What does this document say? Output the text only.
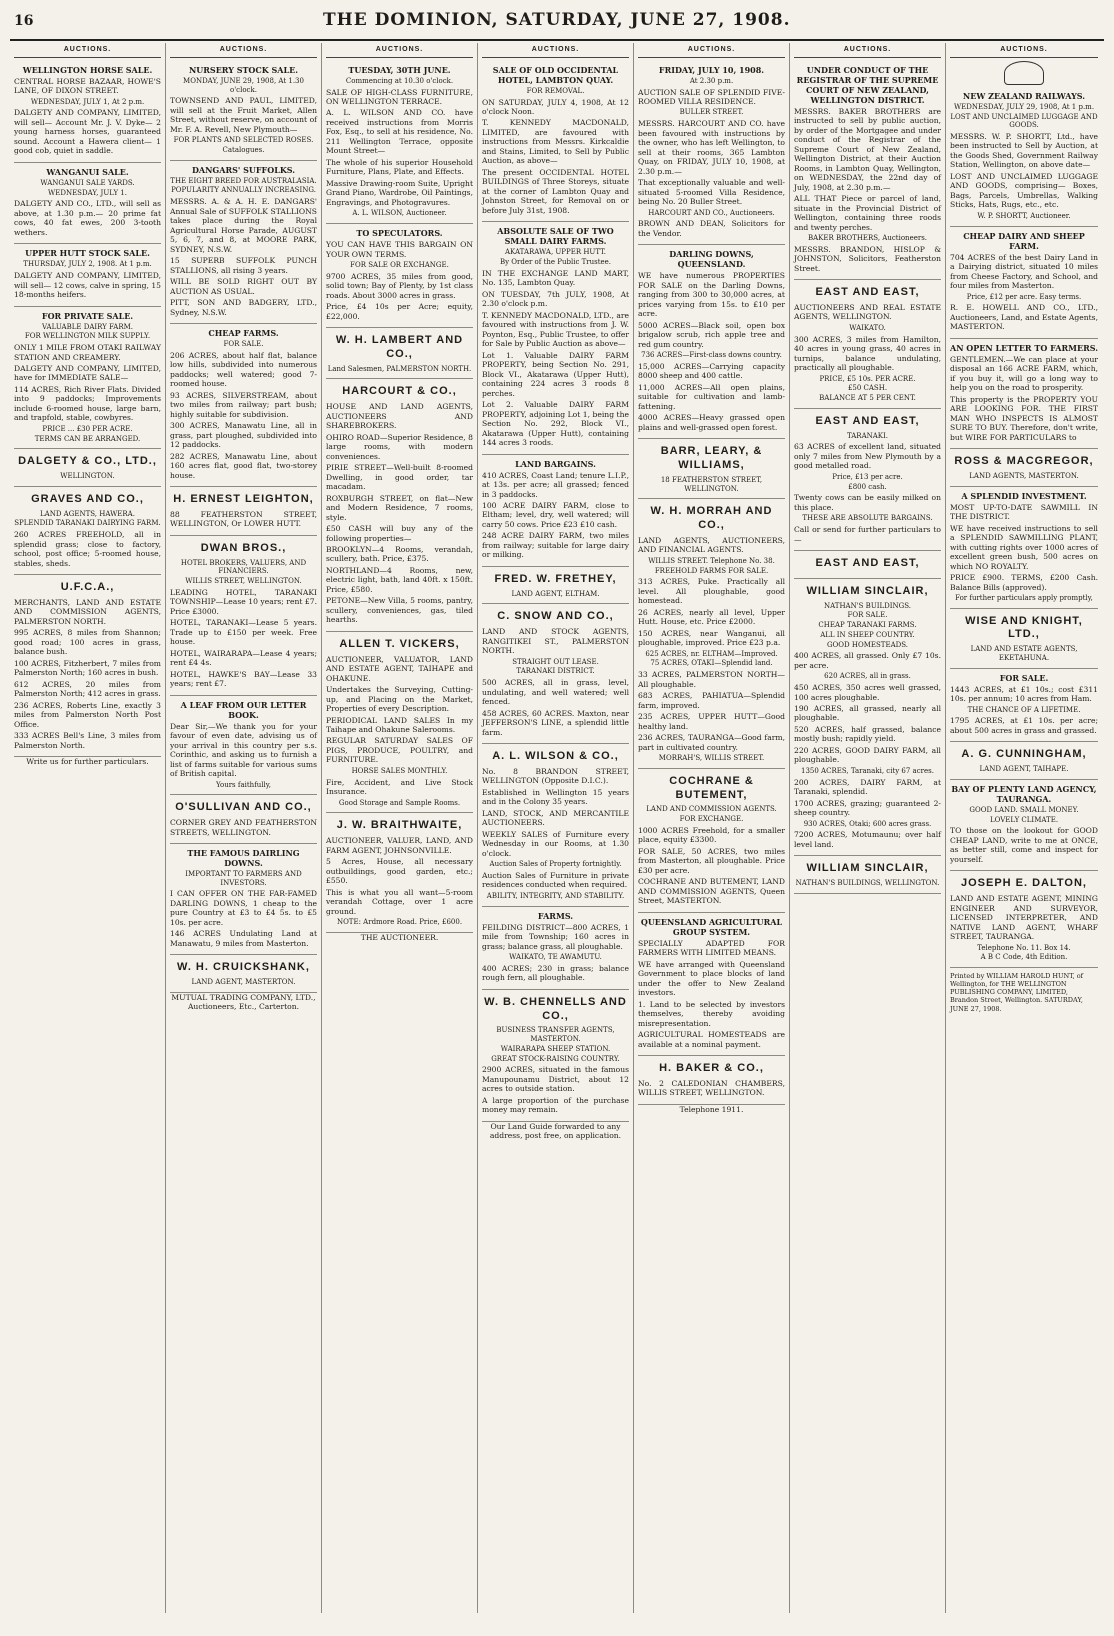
16	THE DOMINION, SATURDAY, JUNE 27, 1908.
AUCTIONS.
WELLINGTON HORSE SALE.
CENTRAL HORSE BAZAAR, HOWE'S LANE, OF DIXON STREET.
WEDNESDAY, JULY 1, At 2 p.m.
DALGETY AND COMPANY, LIMITED, will sell— Account Mr. J. V. Dyke— 2 young harness horses, guaranteed sound. Account a Hawera client— 1 good cob, quiet in saddle.
WANGANUI SALE.
WANGANUI SALE YARDS.
WEDNESDAY, JULY 1.
DALGETY AND CO., LTD., will sell as above, at 1.30 p.m.— 20 prime fat cows, 40 fat ewes, 200 3-tooth wethers.
UPPER HUTT STOCK SALE.
THURSDAY, JULY 2, 1908. At 1 p.m.
DALGETY AND COMPANY, LIMITED, will sell— 12 cows, calve in spring, 15 18-months heifers.
FOR PRIVATE SALE.
VALUABLE DAIRY FARM.
FOR WELLINGTON MILK SUPPLY.
ONLY 1 MILE FROM OTAKI RAILWAY STATION AND CREAMERY.
DALGETY AND COMPANY, LIMITED, have for IMMEDIATE SALE—
114 ACRES, Rich River Flats. Divided into 9 paddocks; Improvements include 6-roomed house, large barn, and trapfold, stable, cowbyres.
PRICE ... £30 PER ACRE.
TERMS CAN BE ARRANGED.
DALGETY & CO., LTD.,
WELLINGTON.
GRAVES AND CO.,
LAND AGENTS, HAWERA.
SPLENDID TARANAKI DAIRYING FARM.
260 ACRES FREEHOLD, all in splendid grass; close to factory, school, post office; 5-roomed house, stables, sheds.
U.F.C.A.,
MERCHANTS, LAND AND ESTATE AND COMMISSION AGENTS, PALMERSTON NORTH.
995 ACRES, 8 miles from Shannon; good road; 100 acres in grass, balance bush.
100 ACRES, Fitzherbert, 7 miles from Palmerston North; 160 acres in bush.
612 ACRES, 20 miles from Palmerston North; 412 acres in grass.
236 ACRES, Roberts Line, exactly 3 miles from Palmerston North Post Office.
333 ACRES Bell's Line, 3 miles from Palmerston North.
Write us for further particulars.
AUCTIONS.
NURSERY STOCK SALE.
MONDAY, JUNE 29, 1908, At 1.30 o'clock.
TOWNSEND AND PAUL, LIMITED, will sell at the Fruit Market, Allen Street, without reserve, on account of Mr. F. A. Revell, New Plymouth—
FOR PLANTS AND SELECTED ROSES.
Catalogues.
DANGARS' SUFFOLKS.
THE EIGHT BREED FOR AUSTRALASIA.
POPULARITY ANNUALLY INCREASING.
MESSRS. A. & A. H. E. DANGARS' Annual Sale of SUFFOLK STALLIONS takes place during the Royal Agricultural Horse Parade, AUGUST 5, 6, 7, and 8, at MOORE PARK, SYDNEY, N.S.W.
15 SUPERB SUFFOLK PUNCH STALLIONS, all rising 3 years.
WILL BE SOLD RIGHT OUT BY AUCTION AS USUAL.
PITT, SON AND BADGERY, LTD., Sydney, N.S.W.
CHEAP FARMS.
FOR SALE.
206 ACRES, about half flat, balance low hills, subdivided into numerous paddocks; well watered; good 7-roomed house.
93 ACRES, SILVERSTREAM, about two miles from railway; part bush; highly suitable for subdivision.
300 ACRES, Manawatu Line, all in grass, part ploughed, subdivided into 12 paddocks.
282 ACRES, Manawatu Line, about 160 acres flat, good flat, two-storey house.
H. ERNEST LEIGHTON,
88 FEATHERSTON STREET, WELLINGTON, Or LOWER HUTT.
DWAN BROS.,
HOTEL BROKERS, VALUERS, AND FINANCIERS.
WILLIS STREET, WELLINGTON.
LEADING HOTEL, TARANAKI TOWNSHIP—Lease 10 years; rent £7. Price £3000.
HOTEL, TARANAKI—Lease 5 years. Trade up to £150 per week. Free house.
HOTEL, WAIRARAPA—Lease 4 years; rent £4 4s.
HOTEL, HAWKE'S BAY—Lease 33 years; rent £7.
A LEAF FROM OUR LETTER BOOK.
Dear Sir,—We thank you for your favour of even date, advising us of your arrival in this country per s.s. Corinthic, and asking us to furnish a list of farms suitable for various sums of British capital.
Yours faithfully,
O'SULLIVAN AND CO.,
CORNER GREY AND FEATHERSTON STREETS, WELLINGTON.
THE FAMOUS DAIRLING DOWNS.
IMPORTANT TO FARMERS AND INVESTORS.
I CAN OFFER ON THE FAR-FAMED DARLING DOWNS, 1 cheap to the pure Country at £3 to £4 5s. to £5 10s. per acre.
146 ACRES Undulating Land at Manawatu, 9 miles from Masterton.
W. H. CRUICKSHANK,
LAND AGENT, MASTERTON.
MUTUAL TRADING COMPANY, LTD., Auctioneers, Etc., Carterton.
AUCTIONS.
TUESDAY, 30TH JUNE.
Commencing at 10.30 o'clock.
SALE OF HIGH-CLASS FURNITURE, ON WELLINGTON TERRACE.
A. L. WILSON AND CO. have received instructions from Morris Fox, Esq., to sell at his residence, No. 211 Wellington Terrace, opposite Mount Street—
The whole of his superior Household Furniture, Plans, Plate, and Effects.
Massive Drawing-room Suite, Upright Grand Piano, Wardrobe, Oil Paintings, Engravings, and Photogravures.
A. L. WILSON, Auctioneer.
TO SPECULATORS.
YOU CAN HAVE THIS BARGAIN ON YOUR OWN TERMS.
FOR SALE OR EXCHANGE.
9700 ACRES, 35 miles from good, solid town; Bay of Plenty, by 1st class roads. About 3000 acres in grass.
Price, £4 10s per Acre; equity, £22,000.
W. H. LAMBERT AND CO.,
Land Salesmen, PALMERSTON NORTH.
HARCOURT & CO.,
HOUSE AND LAND AGENTS, AUCTIONEERS AND SHAREBROKERS.
OHIRO ROAD—Superior Residence, 8 large rooms, with modern conveniences.
PIRIE STREET—Well-built 8-roomed Dwelling, in good order, tar macadam.
ROXBURGH STREET, on flat—New and Modern Residence, 7 rooms, style.
£50 CASH will buy any of the following properties—
BROOKLYN—4 Rooms, verandah, scullery, bath. Price, £375.
NORTHLAND—4 Rooms, new, electric light, bath, land 40ft. x 150ft. Price, £580.
PETONE—New Villa, 5 rooms, pantry, scullery, conveniences, gas, tiled hearths.
ALLEN T. VICKERS,
AUCTIONEER, VALUATOR, LAND AND ESTATE AGENT, TAIHAPE and OHAKUNE.
Undertakes the Surveying, Cutting-up, and Placing on the Market, Properties of every Description.
PERIODICAL LAND SALES In my Taihape and Ohakune Salerooms.
REGULAR SATURDAY SALES OF PIGS, PRODUCE, POULTRY, and FURNITURE.
HORSE SALES MONTHLY.
Fire, Accident, and Live Stock Insurance.
Good Storage and Sample Rooms.
J. W. BRAITHWAITE,
AUCTIONEER, VALUER, LAND, AND FARM AGENT, JOHNSONVILLE.
5 Acres, House, all necessary outbuildings, good garden, etc.; £550.
This is what you all want—5-room verandah Cottage, over 1 acre ground.
NOTE: Ardmore Road. Price, £600.
THE AUCTIONEER.
AUCTIONS.
SALE OF OLD OCCIDENTAL HOTEL, LAMBTON QUAY.
FOR REMOVAL.
ON SATURDAY, JULY 4, 1908, At 12 o'clock Noon.
T. KENNEDY MACDONALD, LIMITED, are favoured with instructions from Messrs. Kirkcaldie and Stains, Limited, to Sell by Public Auction, as above—
The present OCCIDENTAL HOTEL BUILDINGS of Three Storeys, situate at the corner of Lambton Quay and Johnston Street, for Removal on or before July 31st, 1908.
ABSOLUTE SALE OF TWO SMALL DAIRY FARMS.
AKATARAWA, UPPER HUTT.
By Order of the Public Trustee.
IN THE EXCHANGE LAND MART, No. 135, Lambton Quay.
ON TUESDAY, 7th JULY, 1908, At 2.30 o'clock p.m.
T. KENNEDY MACDONALD, LTD., are favoured with instructions from J. W. Poynton, Esq., Public Trustee, to offer for Sale by Public Auction as above—
Lot 1. Valuable DAIRY FARM PROPERTY, being Section No. 291, Block VI., Akatarawa (Upper Hutt), containing 224 acres 3 roods 8 perches.
Lot 2. Valuable DAIRY FARM PROPERTY, adjoining Lot 1, being the Section No. 292, Block VI., Akatarawa (Upper Hutt), containing 144 acres 3 roods.
LAND BARGAINS.
410 ACRES, Coast Land; tenure L.I.P., at 13s. per acre; all grassed; fenced in 3 paddocks.
100 ACRE DAIRY FARM, close to Eltham; level, dry, well watered; will carry 50 cows. Price £23 £10 cash.
248 ACRE DAIRY FARM, two miles from railway; suitable for large dairy or milking.
FRED. W. FRETHEY,
LAND AGENT, ELTHAM.
C. SNOW AND CO.,
LAND AND STOCK AGENTS, RANGITIKEI ST., PALMERSTON NORTH.
STRAIGHT OUT LEASE.
TARANAKI DISTRICT.
500 ACRES, all in grass, level, undulating, and well watered; well fenced.
458 ACRES, 60 ACRES. Maxton, near JEFFERSON'S LINE, a splendid little farm.
A. L. WILSON & CO.,
No. 8 BRANDON STREET, WELLINGTON (Opposite D.I.C.).
Established in Wellington 15 years and in the Colony 35 years.
LAND, STOCK, AND MERCANTILE AUCTIONEERS.
WEEKLY SALES of Furniture every Wednesday in our Rooms, at 1.30 o'clock.
Auction Sales of Property fortnightly.
Auction Sales of Furniture in private residences conducted when required.
ABILITY, INTEGRITY, AND STABILITY.
FARMS.
FEILDING DISTRICT—800 ACRES, 1 mile from Township; 160 acres in grass; balance grass, all ploughable.
WAIKATO, TE AWAMUTU.
400 ACRES; 230 in grass; balance rough fern, all ploughable.
W. B. CHENNELLS AND CO.,
BUSINESS TRANSFER AGENTS, MASTERTON.
WAIRARAPA SHEEP STATION.
GREAT STOCK-RAISING COUNTRY.
2900 ACRES, situated in the famous Manupounamu District, about 12 acres to outside station.
A large proportion of the purchase money may remain.
Our Land Guide forwarded to any address, post free, on application.
AUCTIONS.
FRIDAY, JULY 10, 1908.
At 2.30 p.m.
AUCTION SALE OF SPLENDID FIVE-ROOMED VILLA RESIDENCE.
BULLER STREET.
MESSRS. HARCOURT AND CO. have been favoured with instructions by the owner, who has left Wellington, to sell at their rooms, 365 Lambton Quay, on FRIDAY, JULY 10, 1908, at 2.30 p.m.—
That exceptionally valuable and well-situated 5-roomed Villa Residence, being No. 20 Buller Street.
HARCOURT AND CO., Auctioneers.
BROWN AND DEAN, Solicitors for the Vendor.
DARLING DOWNS, QUEENSLAND.
WE have numerous PROPERTIES FOR SALE on the Darling Downs, ranging from 300 to 30,000 acres, at prices varying from 15s. to £10 per acre.
5000 ACRES—Black soil, open box brigalow scrub, rich apple tree and red gum country.
736 ACRES—First-class downs country.
15,000 ACRES—Carrying capacity 8000 sheep and 400 cattle.
11,000 ACRES—All open plains, suitable for cultivation and lamb-fattening.
4000 ACRES—Heavy grassed open plains and well-grassed open forest.
BARR, LEARY, & WILLIAMS,
18 FEATHERSTON STREET, WELLINGTON.
W. H. MORRAH AND CO.,
LAND AGENTS, AUCTIONEERS, AND FINANCIAL AGENTS.
WILLIS STREET. Telephone No. 38.
FREEHOLD FARMS FOR SALE.
313 ACRES, Puke. Practically all level. All ploughable, good homestead.
26 ACRES, nearly all level, Upper Hutt. House, etc. Price £2000.
150 ACRES, near Wanganui, all ploughable, improved. Price £23 p.a.
625 ACRES, nr. ELTHAM—Improved.
75 ACRES, OTAKI—Splendid land.
33 ACRES, PALMERSTON NORTH—All ploughable.
683 ACRES, PAHIATUA—Splendid farm, improved.
235 ACRES, UPPER HUTT—Good healthy land.
236 ACRES, TAURANGA—Good farm, part in cultivated country.
MORRAH'S, WILLIS STREET.
COCHRANE & BUTEMENT,
LAND AND COMMISSION AGENTS.
FOR EXCHANGE.
1000 ACRES Freehold, for a smaller place, equity £3300.
FOR SALE, 50 ACRES, two miles from Masterton, all ploughable. Price £30 per acre.
COCHRANE AND BUTEMENT, LAND AND COMMISSION AGENTS, Queen Street, MASTERTON.
QUEENSLAND AGRICULTURAL GROUP SYSTEM.
SPECIALLY ADAPTED FOR FARMERS WITH LIMITED MEANS.
WE have arranged with Queensland Government to place blocks of land under the offer to New Zealand investors.
1. Land to be selected by investors themselves, thereby avoiding misrepresentation.
AGRICULTURAL HOMESTEADS are available at a nominal payment.
H. BAKER & CO.,
No. 2 CALEDONIAN CHAMBERS, WILLIS STREET, WELLINGTON.
Telephone 1911.
AUCTIONS.
UNDER CONDUCT OF THE REGISTRAR OF THE SUPREME COURT OF NEW ZEALAND, WELLINGTON DISTRICT.
MESSRS. BAKER BROTHERS are instructed to sell by public auction, by order of the Mortgagee and under conduct of the Registrar of the Supreme Court of New Zealand, Wellington District, at their Auction Rooms, in Lambton Quay, Wellington, on WEDNESDAY, the 22nd day of July, 1908, at 2.30 p.m.—
ALL THAT Piece or parcel of land, situate in the Provincial District of Wellington, containing three roods and twenty perches.
BAKER BROTHERS, Auctioneers.
MESSRS. BRANDON, HISLOP & JOHNSTON, Solicitors, Featherston Street.
EAST AND EAST,
AUCTIONEERS AND REAL ESTATE AGENTS, WELLINGTON.
WAIKATO.
300 ACRES, 3 miles from Hamilton, 40 acres in young grass, 40 acres in turnips, balance undulating, practically all ploughable.
PRICE, £5 10s. PER ACRE.
£50 CASH.
BALANCE AT 5 PER CENT.
EAST AND EAST,
TARANAKI.
63 ACRES of excellent land, situated only 7 miles from New Plymouth by a good metalled road.
Price, £13 per acre.
£800 cash.
Twenty cows can be easily milked on this place.
THESE ARE ABSOLUTE BARGAINS.
Call or send for further particulars to—
EAST AND EAST,
WILLIAM SINCLAIR,
NATHAN'S BUILDINGS.
FOR SALE.
CHEAP TARANAKI FARMS.
ALL IN SHEEP COUNTRY.
GOOD HOMESTEADS.
400 ACRES, all grassed. Only £7 10s. per acre.
620 ACRES, all in grass.
450 ACRES, 350 acres well grassed, 100 acres ploughable.
190 ACRES, all grassed, nearly all ploughable.
520 ACRES, half grassed, balance mostly bush; rapidly yield.
220 ACRES, GOOD DAIRY FARM, all ploughable.
1350 ACRES, Taranaki, city 67 acres.
200 ACRES, DAIRY FARM, at Taranaki, splendid.
1700 ACRES, grazing; guaranteed 2-sheep country.
930 ACRES, Otaki; 600 acres grass.
7200 ACRES, Motumaunu; over half level land.
WILLIAM SINCLAIR,
NATHAN'S BUILDINGS, WELLINGTON.
AUCTIONS.
NEW ZEALAND RAILWAYS.
WEDNESDAY, JULY 29, 1908, At 1 p.m.
LOST AND UNCLAIMED LUGGAGE AND GOODS.
MESSRS. W. P. SHORTT, Ltd., have been instructed to Sell by Auction, at the Goods Shed, Government Railway Station, Wellington, on above date—
LOST AND UNCLAIMED LUGGAGE AND GOODS, comprising— Boxes, Bags, Parcels, Umbrellas, Walking Sticks, Hats, Rugs, etc., etc.
W. P. SHORTT, Auctioneer.
CHEAP DAIRY AND SHEEP FARM.
704 ACRES of the best Dairy Land in a Dairying district, situated 10 miles from Cheese Factory, and School, and four miles from Masterton.
Price, £12 per acre. Easy terms.
R. E. HOWELL AND CO., LTD., Auctioneers, Land, and Estate Agents, MASTERTON.
AN OPEN LETTER TO FARMERS.
GENTLEMEN.—We can place at your disposal an 166 ACRE FARM, which, if you buy it, will go a long way to help you on the road to prosperity.
This property is the PROPERTY YOU ARE LOOKING FOR. THE FIRST MAN WHO INSPECTS IS ALMOST SURE TO BUY. Therefore, don't write, but WIRE FOR PARTICULARS to
ROSS & MACGREGOR,
LAND AGENTS, MASTERTON.
A SPLENDID INVESTMENT.
MOST UP-TO-DATE SAWMILL IN THE DISTRICT.
WE have received instructions to sell a SPLENDID SAWMILLING PLANT, with cutting rights over 1000 acres of excellent green bush, 500 acres on which NO ROYALTY.
PRICE £900. TERMS, £200 Cash. Balance Bills (approved).
For further particulars apply promptly,
WISE AND KNIGHT, LTD.,
LAND AND ESTATE AGENTS, EKETAHUNA.
FOR SALE.
1443 ACRES, at £1 10s.; cost £311 10s. per annum; 10 acres from Ham.
THE CHANCE OF A LIFETIME.
1795 ACRES, at £1 10s. per acre; about 500 acres in grass and grassed.
A. G. CUNNINGHAM,
LAND AGENT, TAIHAPE.
BAY OF PLENTY LAND AGENCY, TAURANGA.
GOOD LAND. SMALL MONEY.
LOVELY CLIMATE.
TO those on the lookout for GOOD CHEAP LAND, write to me at ONCE, as better still, come and inspect for yourself.
JOSEPH E. DALTON,
LAND AND ESTATE AGENT, MINING ENGINEER AND SURVEYOR, LICENSED INTERPRETER, AND NATIVE LAND AGENT, WHARF STREET, TAURANGA.
Telephone No. 11. Box 14.
A B C Code, 4th Edition.
Printed by WILLIAM HAROLD HUNT, of Wellington, for THE WELLINGTON PUBLISHING COMPANY, LIMITED, Brandon Street, Wellington. SATURDAY, JUNE 27, 1908.
